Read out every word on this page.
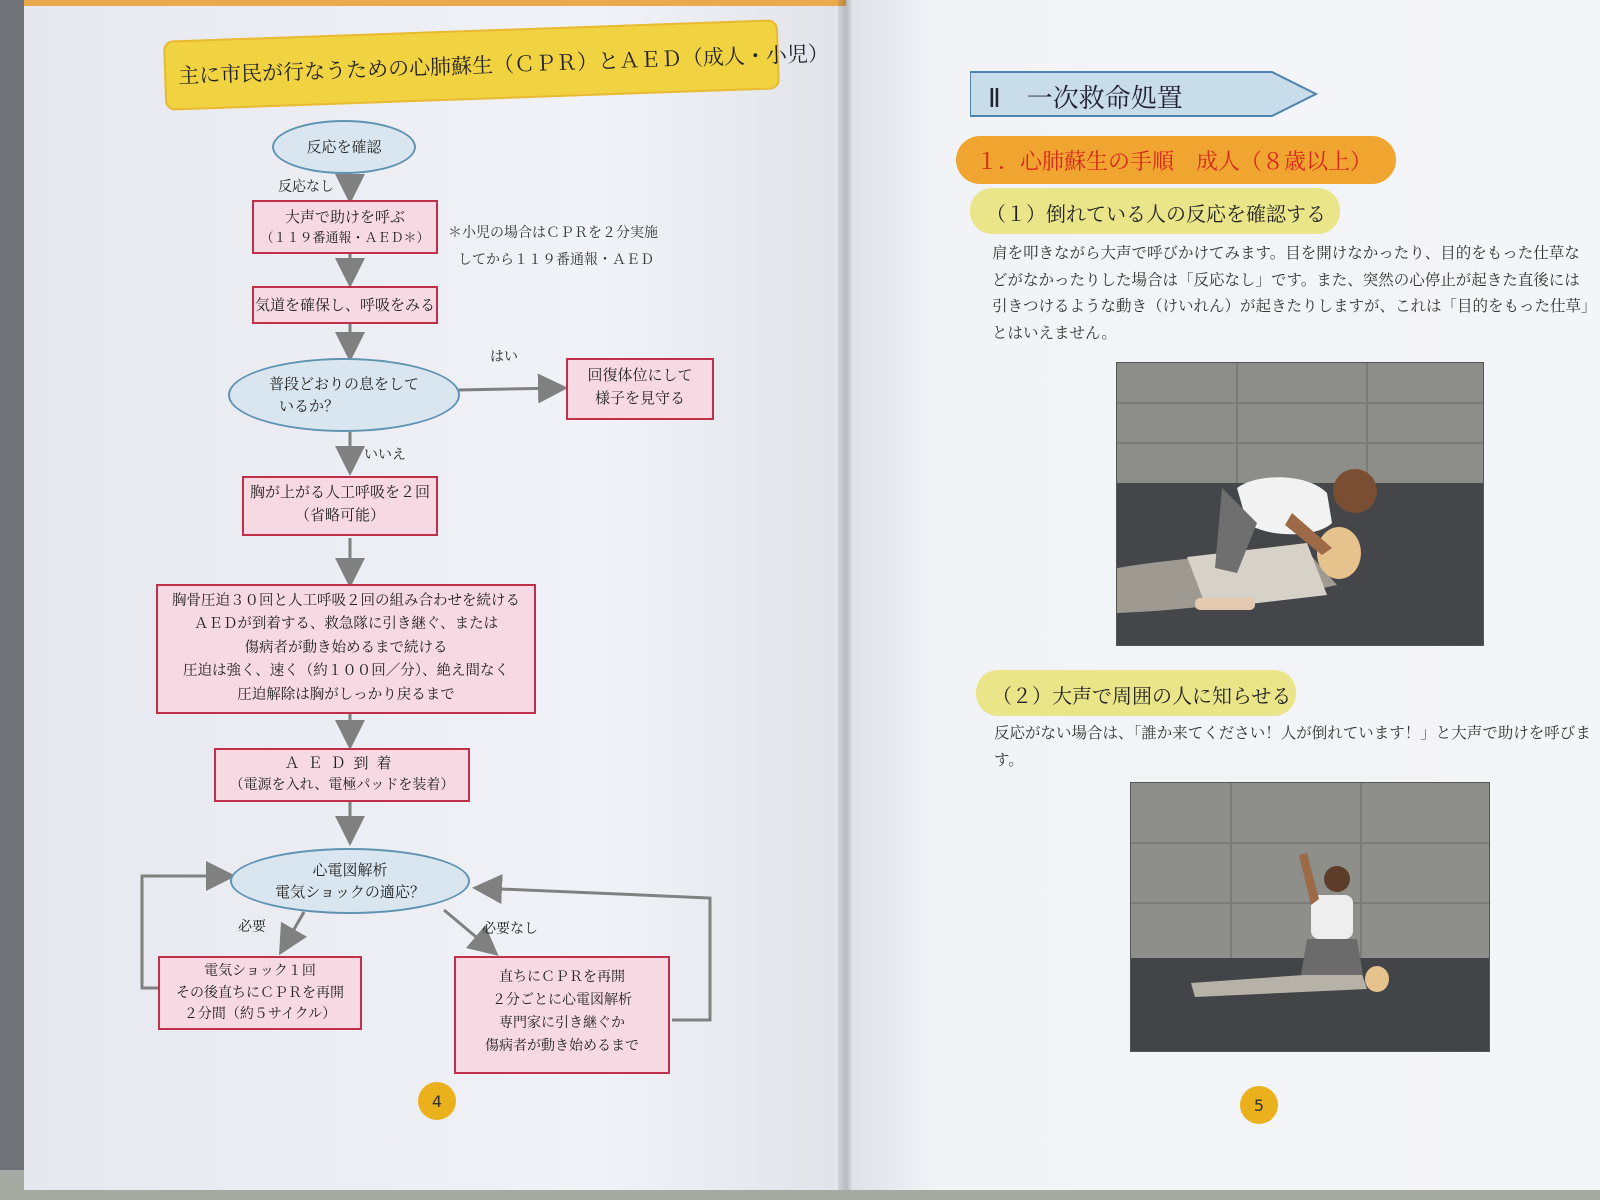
主に市民が行なうための心肺蘇生（ＣＰＲ）とＡＥＤ（成人・小児）
反応を確認
反応なし
大声で助けを呼ぶ
（１１９番通報・ＡＥＤ＊）	＊小児の場合はＣＰＲを２分実施
してから１１９番通報・ＡＥＤ
気道を確保し、呼吸をみる
普段どおりの息をして
いるか？
はい
回復体位にして
様子を見守る
いいえ
胸が上がる人工呼吸を２回
（省略可能）
胸骨圧迫３０回と人工呼吸２回の組み合わせを続ける
ＡＥＤが到着する、救急隊に引き継ぐ、または
傷病者が動き始めるまで続ける
圧迫は強く、速く（約１００回／分）、絶え間なく
圧迫解除は胸がしっかり戻るまで
ＡＥＤ到着
（電源を入れ、電極パッドを装着）
心電図解析
電気ショックの適応？
必要	必要なし
電気ショック１回
その後直ちにＣＰＲを再開
２分間（約５サイクル）
直ちにＣＰＲを再開
２分ごとに心電図解析
専門家に引き継ぐか
傷病者が動き始めるまで
4
Ⅱ　一次救命処置
１．心肺蘇生の手順　成人（８歳以上）
（１）倒れている人の反応を確認する
肩を叩きながら大声で呼びかけてみます。目を開けなかったり、目的をもった仕草などがなかったりした場合は「反応なし」です。また、突然の心停止が起きた直後には引きつけるような動き（けいれん）が起きたりしますが、これは「目的をもった仕草」とはいえません。
（２）大声で周囲の人に知らせる
反応がない場合は、「誰か来てください！人が倒れています！」と大声で助けを呼びます。
5
